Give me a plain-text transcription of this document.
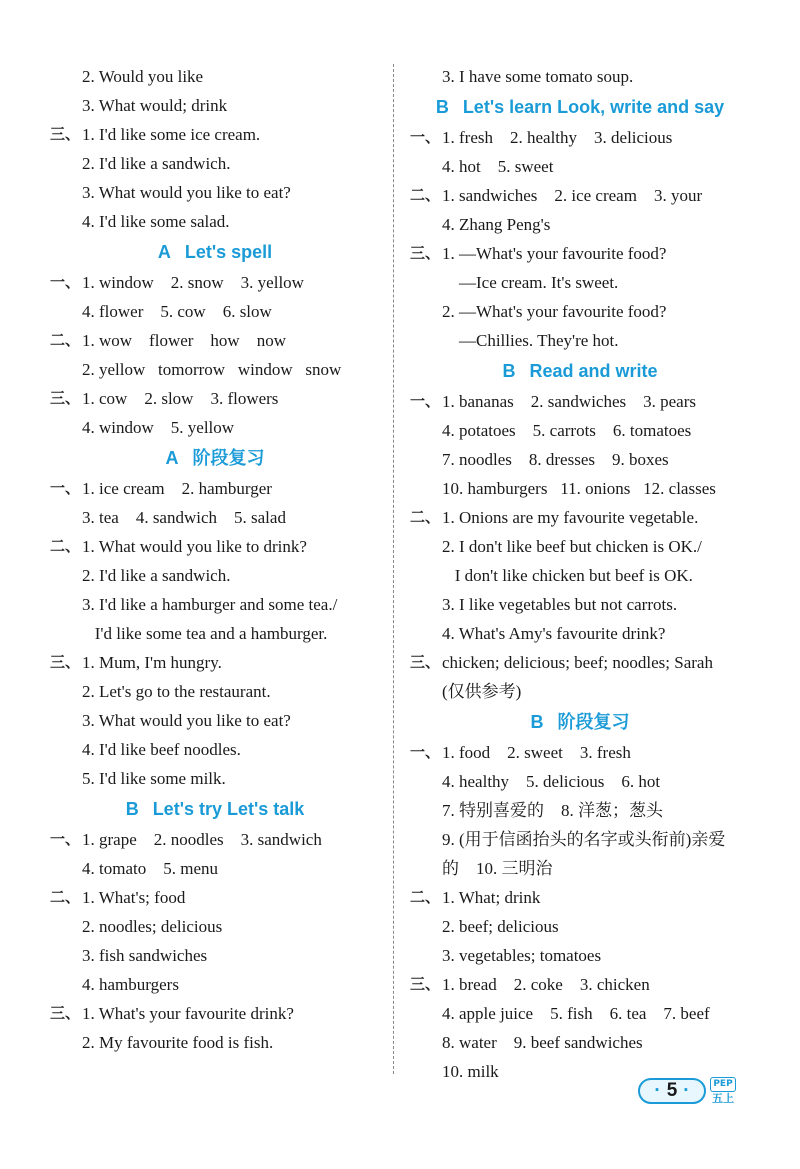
2. Would you like
3. What would; drink
三、 1. I'd like some ice cream.
2. I'd like a sandwich.
3. What would you like to eat?
4. I'd like some salad.
A Let's spell
一、 1. window    2. snow    3. yellow
4. flower    5. cow    6. slow
二、 1. wow    flower    how    now
2. yellow   tomorrow   window   snow
三、 1. cow    2. slow    3. flowers
4. window    5. yellow
A 阶段复习
一、 1. ice cream    2. hamburger
3. tea    4. sandwich    5. salad
二、 1. What would you like to drink?
2. I'd like a sandwich.
3. I'd like a hamburger and some tea./
I'd like some tea and a hamburger.
三、 1. Mum, I'm hungry.
2. Let's go to the restaurant.
3. What would you like to eat?
4. I'd like beef noodles.
5. I'd like some milk.
B Let's try Let's talk
一、 1. grape    2. noodles    3. sandwich
4. tomato    5. menu
二、 1. What's; food
2. noodles; delicious
3. fish sandwiches
4. hamburgers
三、 1. What's your favourite drink?
2. My favourite food is fish.
3. I have some tomato soup.
B Let's learn Look, write and say
一、 1. fresh    2. healthy    3. delicious
4. hot    5. sweet
二、 1. sandwiches    2. ice cream    3. your
4. Zhang Peng's
三、 1. —What's your favourite food?
—Ice cream. It's sweet.
2. —What's your favourite food?
—Chillies. They're hot.
B Read and write
一、 1. bananas    2. sandwiches    3. pears
4. potatoes    5. carrots    6. tomatoes
7. noodles    8. dresses    9. boxes
10. hamburgers   11. onions   12. classes
二、 1. Onions are my favourite vegetable.
2. I don't like beef but chicken is OK./
I don't like chicken but beef is OK.
3. I like vegetables but not carrots.
4. What's Amy's favourite drink?
三、 chicken; delicious; beef; noodles; Sarah
(仅供参考)
B 阶段复习
一、 1. food    2. sweet    3. fresh
4. healthy    5. delicious    6. hot
7. 特别喜爱的    8. 洋葱；葱头
9. (用于信函抬头的名字或头衔前)亲爱
的    10. 三明治
二、 1. What; drink
2. beef; delicious
3. vegetables; tomatoes
三、 1. bread    2. coke    3. chicken
4. apple juice    5. fish    6. tea    7. beef
8. water    9. beef sandwiches
10. milk
· 5 ·	PEP
五上
